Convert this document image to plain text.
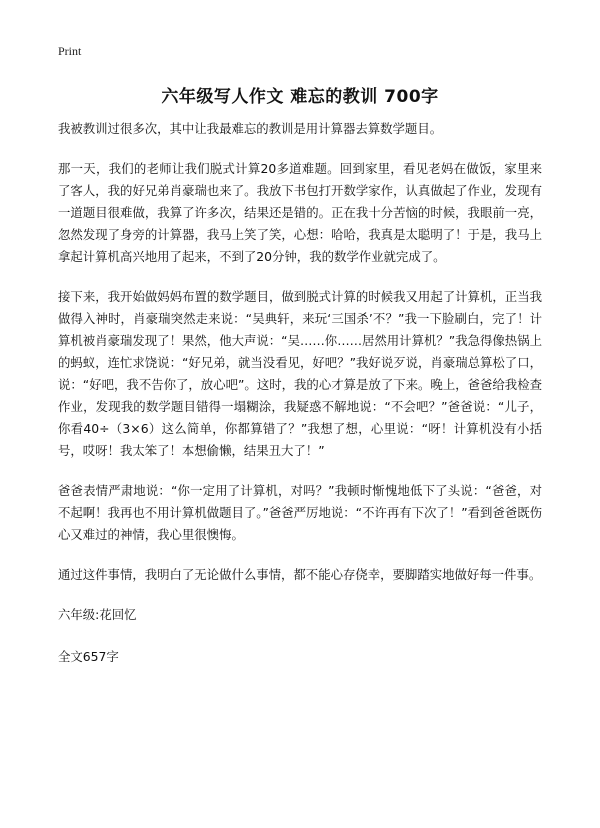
Print
六年级写人作文 难忘的教训 700字

我被教训过很多次，其中让我最难忘的教训是用计算器去算数学题目。

那一天，我们的老师让我们脱式计算20多道难题。回到家里，看见老妈在做饭，家里来了客人，我的好兄弟肖豪瑞也来了。我放下书包打开数学家作，认真做起了作业，发现有一道题目很难做，我算了许多次，结果还是错的。正在我十分苦恼的时候，我眼前一亮，忽然发现了身旁的计算器，我马上笑了笑，心想：哈哈，我真是太聪明了！于是，我马上拿起计算机高兴地用了起来，不到了20分钟，我的数学作业就完成了。

接下来，我开始做妈妈布置的数学题目，做到脱式计算的时候我又用起了计算机，正当我做得入神时，肖豪瑞突然走来说：“吴典轩，来玩‘三国杀’不？”我一下脸刷白，完了！计算机被肖豪瑞发现了！果然，他大声说：“吴……你……居然用计算机？”我急得像热锅上的蚂蚁，连忙求饶说：“好兄弟，就当没看见，好吧？”我好说歹说，肖豪瑞总算松了口，说：“好吧，我不告你了，放心吧”。这时，我的心才算是放了下来。晚上，爸爸给我检查作业，发现我的数学题目错得一塌糊涂，我疑惑不解地说：“不会吧？”爸爸说：“儿子，你看40÷（3×6）这么简单，你都算错了？”我想了想，心里说：“呀！计算机没有小括号，哎呀！我太笨了！本想偷懒，结果丑大了！”

爸爸表情严肃地说：“你一定用了计算机，对吗？”我顿时惭愧地低下了头说：“爸爸，对不起啊！我再也不用计算机做题目了。”爸爸严厉地说：“不许再有下次了！”看到爸爸既伤心又难过的神情，我心里很懊悔。

通过这件事情，我明白了无论做什么事情，都不能心存侥幸，要脚踏实地做好每一件事。

六年级:花回忆

全文657字
